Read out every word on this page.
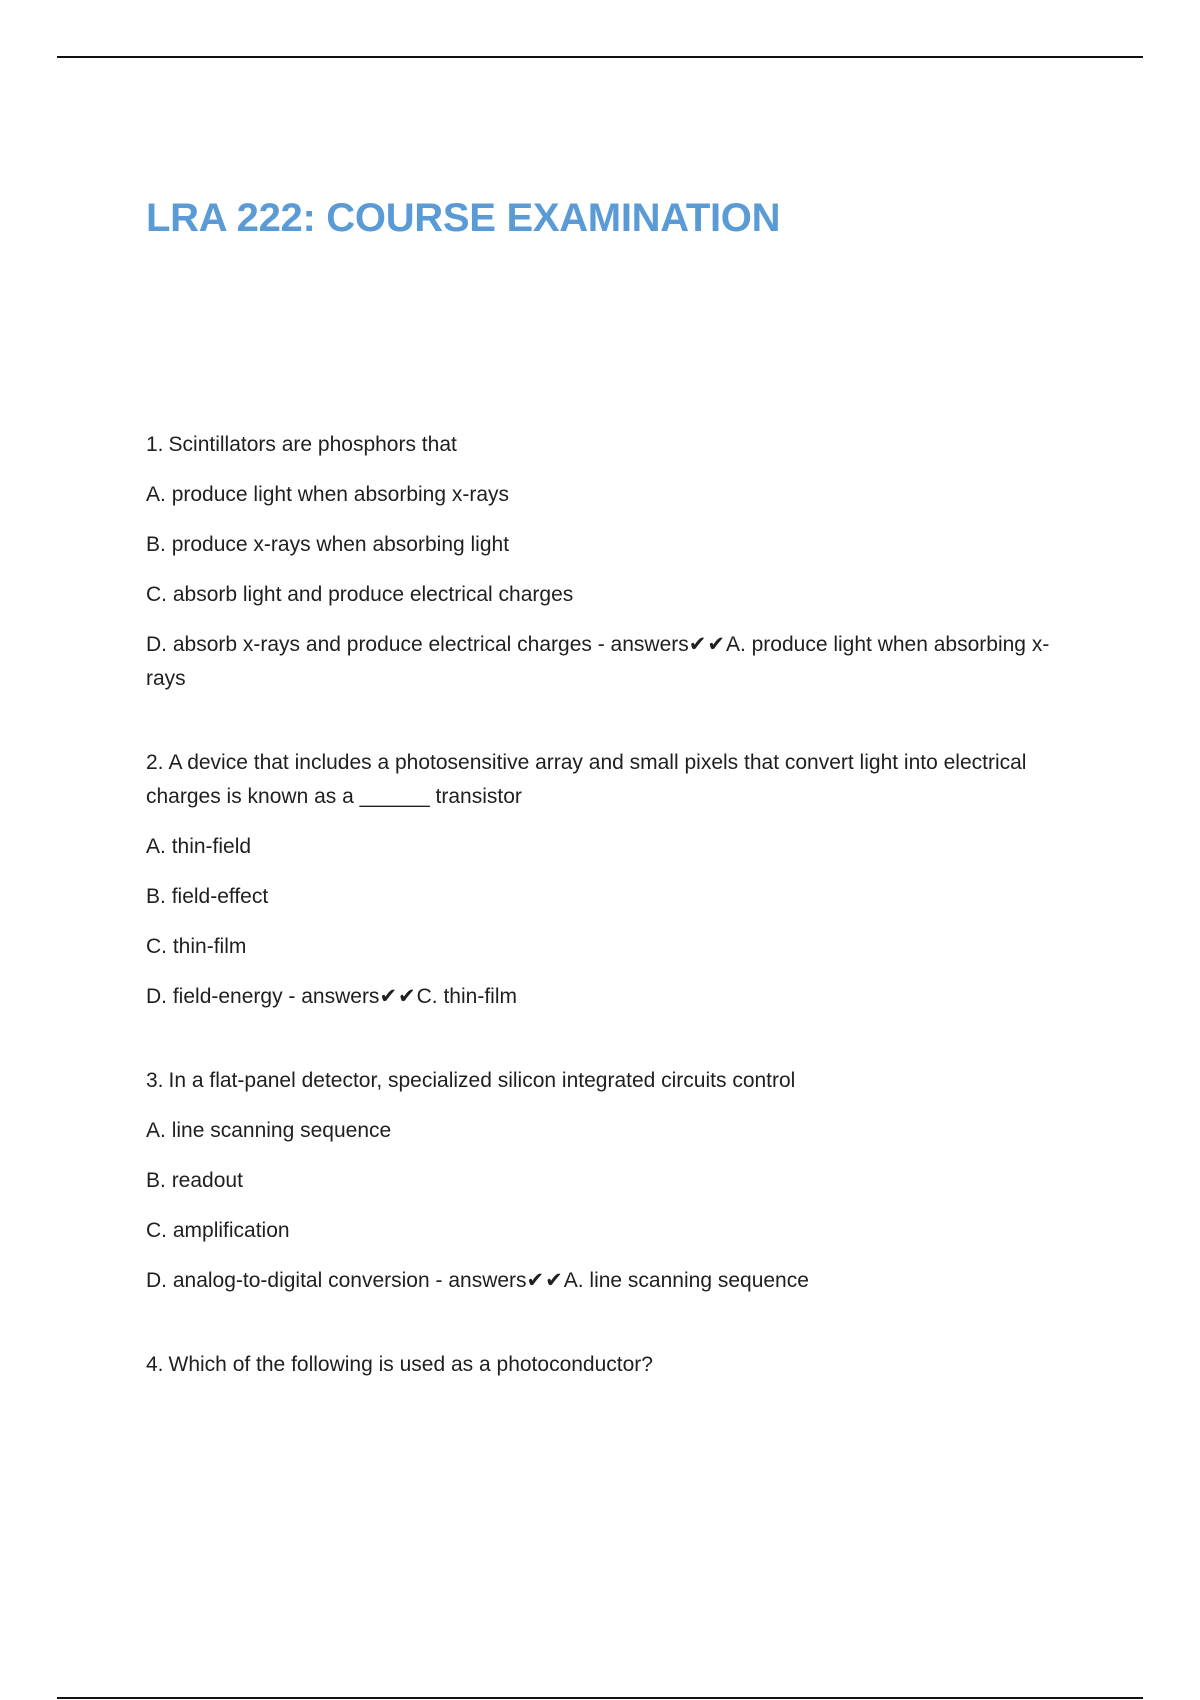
LRA 222: COURSE EXAMINATION

1. Scintillators are phosphors that

A. produce light when absorbing x-rays

B. produce x-rays when absorbing light

C. absorb light and produce electrical charges

D. absorb x-rays and produce electrical charges - answers✔✔A. produce light when absorbing x-rays

2. A device that includes a photosensitive array and small pixels that convert light into electrical charges is known as a ______ transistor

A. thin-field

B. field-effect

C. thin-film

D. field-energy - answers✔✔C. thin-film

3. In a flat-panel detector, specialized silicon integrated circuits control

A. line scanning sequence

B. readout

C. amplification

D. analog-to-digital conversion - answers✔✔A. line scanning sequence

4. Which of the following is used as a photoconductor?
